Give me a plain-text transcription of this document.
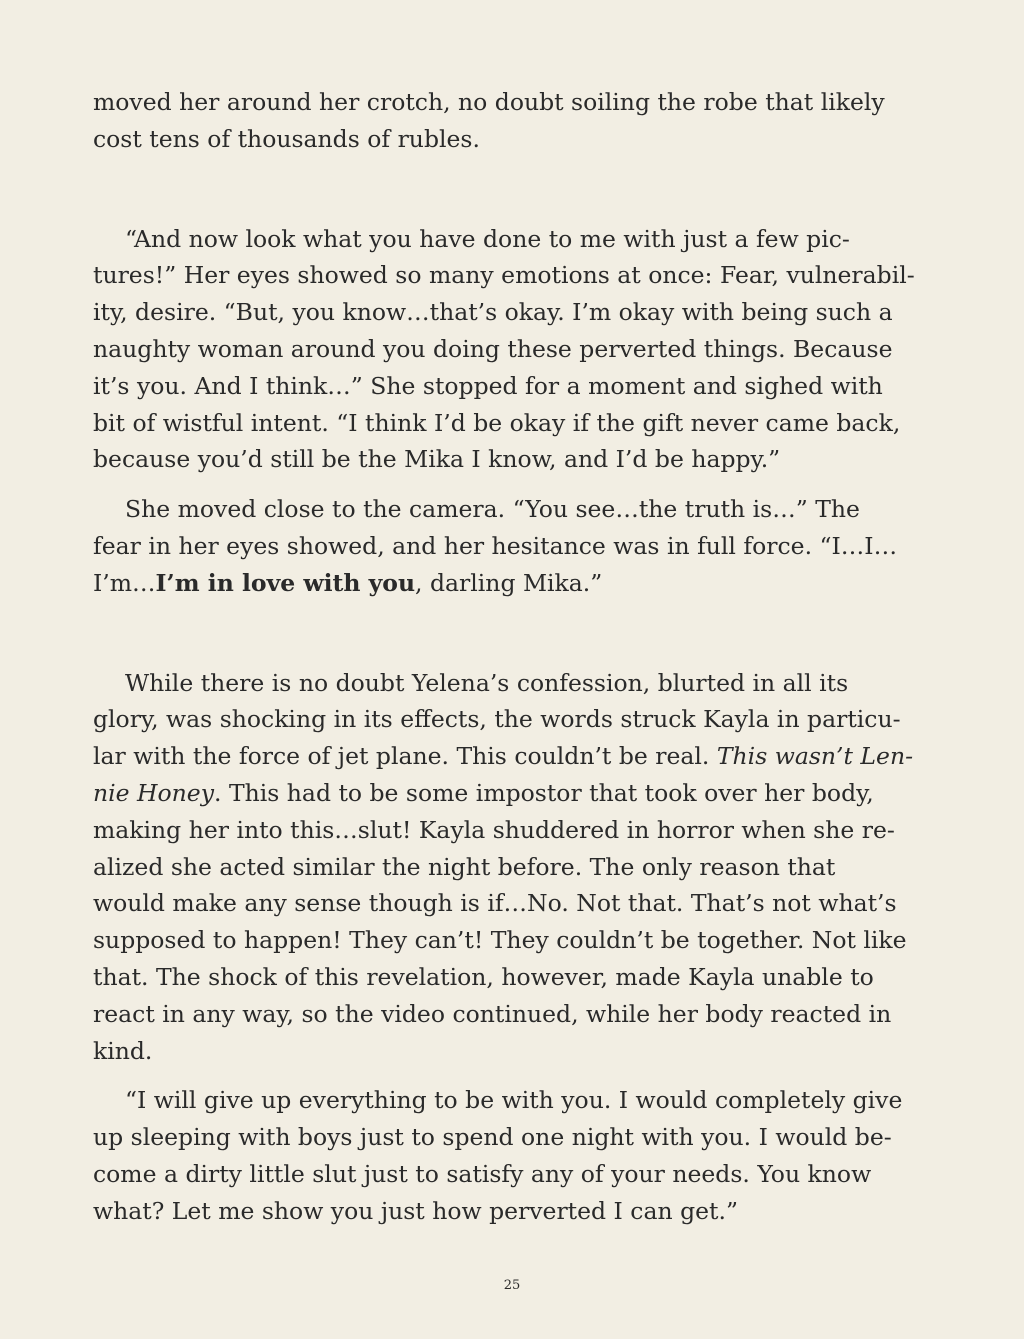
moved her around her crotch, no doubt soiling the robe that likely
cost tens of thousands of rubles.

“And now look what you have done to me with just a few pic-
tures!” Her eyes showed so many emotions at once: Fear, vulnerabil-
ity, desire. “But, you know…that’s okay. I’m okay with being such a
naughty woman around you doing these perverted things. Because
it’s you. And I think…” She stopped for a moment and sighed with
bit of wistful intent. “I think I’d be okay if the gift never came back,
because you’d still be the Mika I know, and I’d be happy.”

She moved close to the camera. “You see…the truth is…” The
fear in her eyes showed, and her hesitance was in full force. “I…I…
I’m…I’m in love with you, darling Mika.”

While there is no doubt Yelena’s confession, blurted in all its
glory, was shocking in its effects, the words struck Kayla in particu-
lar with the force of jet plane. This couldn’t be real. This wasn’t Len-
nie Honey. This had to be some impostor that took over her body,
making her into this…slut! Kayla shuddered in horror when she re-
alized she acted similar the night before. The only reason that
would make any sense though is if…No. Not that. That’s not what’s
supposed to happen! They can’t! They couldn’t be together. Not like
that. The shock of this revelation, however, made Kayla unable to
react in any way, so the video continued, while her body reacted in
kind.

“I will give up everything to be with you. I would completely give
up sleeping with boys just to spend one night with you. I would be-
come a dirty little slut just to satisfy any of your needs. You know
what? Let me show you just how perverted I can get.”

25
